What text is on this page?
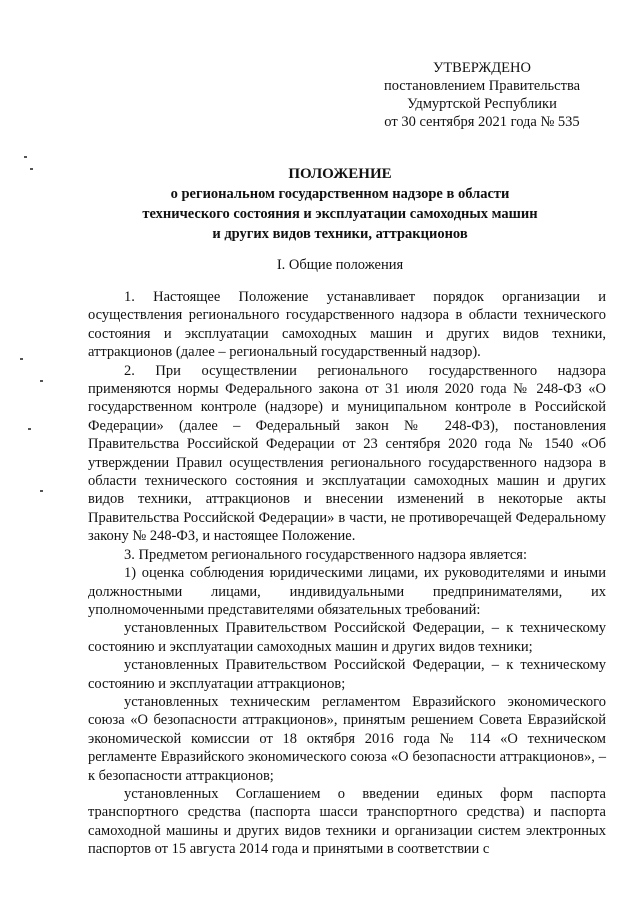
УТВЕРЖДЕНО
постановлением Правительства
Удмуртской Республики
от 30 сентября 2021 года № 535
ПОЛОЖЕНИЕ
о региональном государственном надзоре в области
технического состояния и эксплуатации самоходных машин
и других видов техники, аттракционов
I. Общие положения

1. Настоящее Положение устанавливает порядок организации и осуществления регионального государственного надзора в области технического состояния и эксплуатации самоходных машин и других видов техники, аттракционов (далее – региональный государственный надзор).

2. При осуществлении регионального государственного надзора применяются нормы Федерального закона от 31 июля 2020 года № 248-ФЗ «О государственном контроле (надзоре) и муниципальном контроле в Российской Федерации» (далее – Федеральный закон № 248-ФЗ), постановления Правительства Российской Федерации от 23 сентября 2020 года № 1540 «Об утверждении Правил осуществления регионального государственного надзора в области технического состояния и эксплуатации самоходных машин и других видов техники, аттракционов и внесении изменений в некоторые акты Правительства Российской Федерации» в части, не противоречащей Федеральному закону № 248-ФЗ, и настоящее Положение.

3. Предметом регионального государственного надзора является:

1) оценка соблюдения юридическими лицами, их руководителями и иными должностными лицами, индивидуальными предпринимателями, их уполномоченными представителями обязательных требований:

установленных Правительством Российской Федерации, – к техническому состоянию и эксплуатации самоходных машин и других видов техники;

установленных Правительством Российской Федерации, – к техническому состоянию и эксплуатации аттракционов;

установленных техническим регламентом Евразийского экономического союза «О безопасности аттракционов», принятым решением Совета Евразийской экономической комиссии от 18 октября 2016 года № 114 «О техническом регламенте Евразийского экономического союза «О безопасности аттракционов», – к безопасности аттракционов;

установленных Соглашением о введении единых форм паспорта транспортного средства (паспорта шасси транспортного средства) и паспорта самоходной машины и других видов техники и организации систем электронных паспортов от 15 августа 2014 года и принятыми в соответствии с
